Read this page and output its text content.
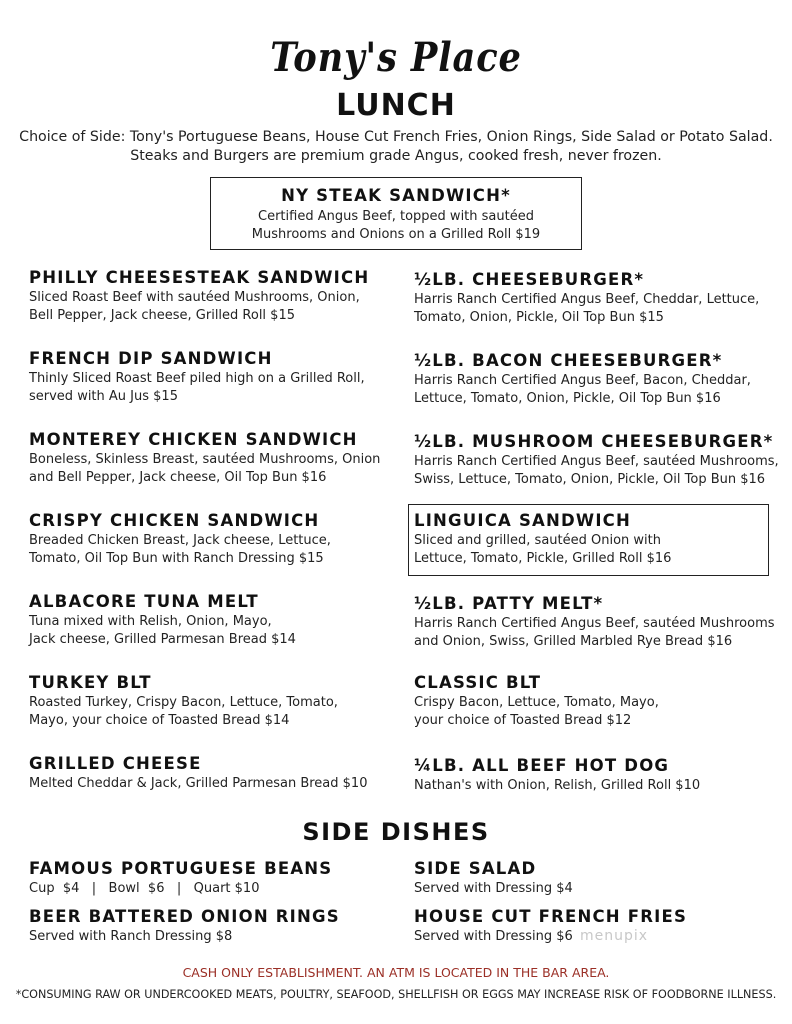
Tony's Place
LUNCH
Choice of Side: Tony's Portuguese Beans, House Cut French Fries, Onion Rings, Side Salad or Potato Salad.
Steaks and Burgers are premium grade Angus, cooked fresh, never frozen.
NY STEAK SANDWICH*
Certified Angus Beef, topped with sautéed
Mushrooms and Onions on a Grilled Roll $19
PHILLY CHEESESTEAK SANDWICH
Sliced Roast Beef with sautéed Mushrooms, Onion,
Bell Pepper, Jack cheese, Grilled Roll $15
FRENCH DIP SANDWICH
Thinly Sliced Roast Beef piled high on a Grilled Roll,
served with Au Jus $15
MONTEREY CHICKEN SANDWICH
Boneless, Skinless Breast, sautéed Mushrooms, Onion
and Bell Pepper, Jack cheese, Oil Top Bun $16
CRISPY CHICKEN SANDWICH
Breaded Chicken Breast, Jack cheese, Lettuce,
Tomato, Oil Top Bun with Ranch Dressing $15
ALBACORE TUNA MELT
Tuna mixed with Relish, Onion, Mayo,
Jack cheese, Grilled Parmesan Bread $14
TURKEY BLT
Roasted Turkey, Crispy Bacon, Lettuce, Tomato,
Mayo, your choice of Toasted Bread $14
GRILLED CHEESE
Melted Cheddar & Jack, Grilled Parmesan Bread $10
½LB. CHEESEBURGER*
Harris Ranch Certified Angus Beef, Cheddar, Lettuce,
Tomato, Onion, Pickle, Oil Top Bun $15
½LB. BACON CHEESEBURGER*
Harris Ranch Certified Angus Beef, Bacon, Cheddar,
Lettuce, Tomato, Onion, Pickle, Oil Top Bun $16
½LB. MUSHROOM CHEESEBURGER*
Harris Ranch Certified Angus Beef, sautéed Mushrooms,
Swiss, Lettuce, Tomato, Onion, Pickle, Oil Top Bun $16
LINGUICA SANDWICH
Sliced and grilled, sautéed Onion with
Lettuce, Tomato, Pickle, Grilled Roll $16
½LB. PATTY MELT*
Harris Ranch Certified Angus Beef, sautéed Mushrooms
and Onion, Swiss, Grilled Marbled Rye Bread $16
CLASSIC BLT
Crispy Bacon, Lettuce, Tomato, Mayo,
your choice of Toasted Bread $12
¼LB. ALL BEEF HOT DOG
Nathan's with Onion, Relish, Grilled Roll $10
SIDE DISHES
FAMOUS PORTUGUESE BEANS
Cup  $4   |   Bowl  $6   |   Quart $10
SIDE SALAD
Served with Dressing $4
BEER BATTERED ONION RINGS
Served with Ranch Dressing $8
HOUSE CUT FRENCH FRIES
Served with Dressing $6 menupix
CASH ONLY ESTABLISHMENT. AN ATM IS LOCATED IN THE BAR AREA.
*CONSUMING RAW OR UNDERCOOKED MEATS, POULTRY, SEAFOOD, SHELLFISH OR EGGS MAY INCREASE RISK OF FOODBORNE ILLNESS.
